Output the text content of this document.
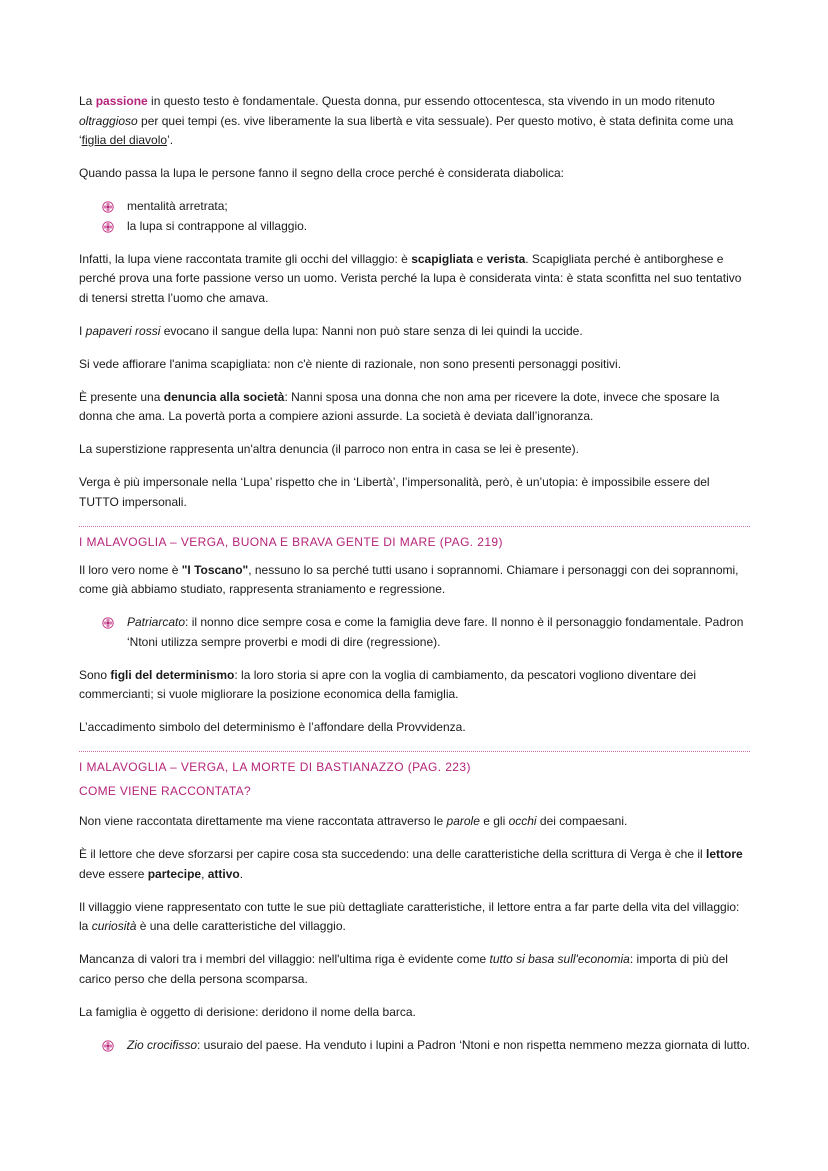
La passione in questo testo è fondamentale. Questa donna, pur essendo ottocentesca, sta vivendo in un modo ritenuto oltraggioso per quei tempi (es. vive liberamente la sua libertà e vita sessuale). Per questo motivo, è stata definita come una ‘figlia del diavolo’.

Quando passa la lupa le persone fanno il segno della croce perché è considerata diabolica:

mentalità arretrata;
la lupa si contrappone al villaggio.

Infatti, la lupa viene raccontata tramite gli occhi del villaggio: è scapigliata e verista. Scapigliata perché è antiborghese e perché prova una forte passione verso un uomo. Verista perché la lupa è considerata vinta: è stata sconfitta nel suo tentativo di tenersi stretta l’uomo che amava.

I papaveri rossi evocano il sangue della lupa: Nanni non può stare senza di lei quindi la uccide.

Si vede affiorare l'anima scapigliata: non c'è niente di razionale, non sono presenti personaggi positivi.

È presente una denuncia alla società: Nanni sposa una donna che non ama per ricevere la dote, invece che sposare la donna che ama. La povertà porta a compiere azioni assurde. La società è deviata dall’ignoranza.

La superstizione rappresenta un'altra denuncia (il parroco non entra in casa se lei è presente).

Verga è più impersonale nella ‘Lupa’ rispetto che in ‘Libertà’, l’impersonalità, però, è un’utopia: è impossibile essere del TUTTO impersonali.

I MALAVOGLIA – VERGA, BUONA E BRAVA GENTE DI MARE (PAG. 219)

Il loro vero nome è "I Toscano", nessuno lo sa perché tutti usano i soprannomi. Chiamare i personaggi con dei soprannomi, come già abbiamo studiato, rappresenta straniamento e regressione.

Patriarcato: il nonno dice sempre cosa e come la famiglia deve fare. Il nonno è il personaggio fondamentale. Padron ‘Ntoni utilizza sempre proverbi e modi di dire (regressione).

Sono figli del determinismo: la loro storia si apre con la voglia di cambiamento, da pescatori vogliono diventare dei commercianti; si vuole migliorare la posizione economica della famiglia.

L’accadimento simbolo del determinismo è l’affondare della Provvidenza.

I MALAVOGLIA – VERGA, LA MORTE DI BASTIANAZZO (PAG. 223)
COME VIENE RACCONTATA?

Non viene raccontata direttamente ma viene raccontata attraverso le parole e gli occhi dei compaesani.

È il lettore che deve sforzarsi per capire cosa sta succedendo: una delle caratteristiche della scrittura di Verga è che il lettore deve essere partecipe, attivo.

Il villaggio viene rappresentato con tutte le sue più dettagliate caratteristiche, il lettore entra a far parte della vita del villaggio: la curiosità è una delle caratteristiche del villaggio.

Mancanza di valori tra i membri del villaggio: nell'ultima riga è evidente come tutto si basa sull'economia: importa di più del carico perso che della persona scomparsa.

La famiglia è oggetto di derisione: deridono il nome della barca.

Zio crocifisso: usuraio del paese. Ha venduto i lupini a Padron ‘Ntoni e non rispetta nemmeno mezza giornata di lutto.
